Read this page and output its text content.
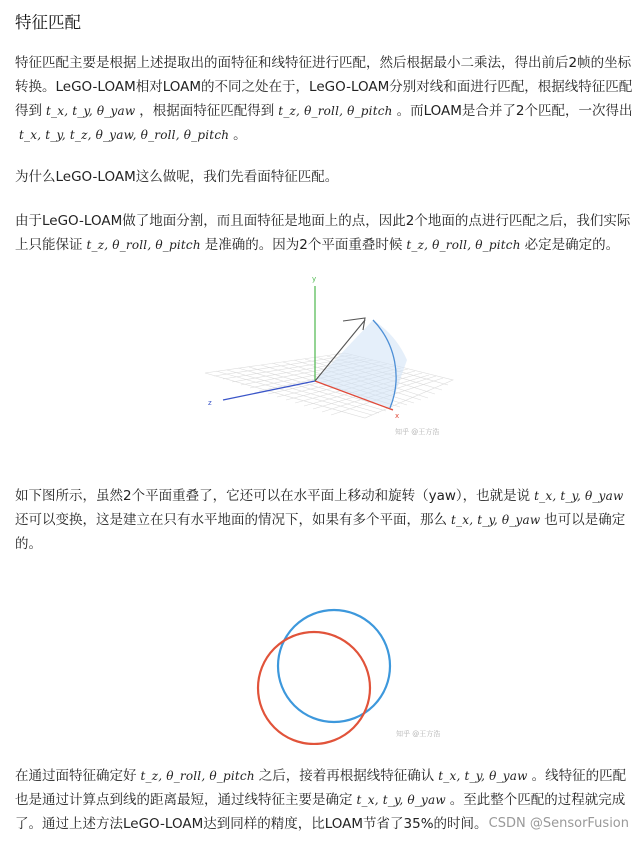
特征匹配

特征匹配主要是根据上述提取出的面特征和线特征进行匹配，然后根据最小二乘法，得出前后2帧的坐标转换。LeGO-LOAM相对LOAM的不同之处在于，LeGO-LOAM分别对线和面进行匹配，根据线特征匹配得到 t_x, t_y, θ_yaw ，根据面特征匹配得到 t_z, θ_roll, θ_pitch 。而LOAM是合并了2个匹配，一次得出t_x, t_y, t_z, θ_yaw, θ_roll, θ_pitch 。

为什么LeGO-LOAM这么做呢，我们先看面特征匹配。

由于LeGO-LOAM做了地面分割，而且面特征是地面上的点，因此2个地面的点进行匹配之后，我们实际上只能保证 t_z, θ_roll, θ_pitch 是准确的。因为2个平面重叠时候 t_z, θ_roll, θ_pitch 必定是确定的。

y
x
z
知乎 @王方浩

如下图所示，虽然2个平面重叠了，它还可以在水平面上移动和旋转（yaw），也就是说 t_x, t_y, θ_yaw还可以变换，这是建立在只有水平地面的情况下，如果有多个平面，那么 t_x, t_y, θ_yaw 也可以是确定的。

知乎 @王方浩

在通过面特征确定好 t_z, θ_roll, θ_pitch 之后，接着再根据线特征确认 t_x, t_y, θ_yaw 。线特征的匹配也是通过计算点到线的距离最短，通过线特征主要是确定 t_x, t_y, θ_yaw 。至此整个匹配的过程就完成了。通过上述方法LeGO-LOAM达到同样的精度，比LOAM节省了35%的时间。 CSDN @SensorFusion
